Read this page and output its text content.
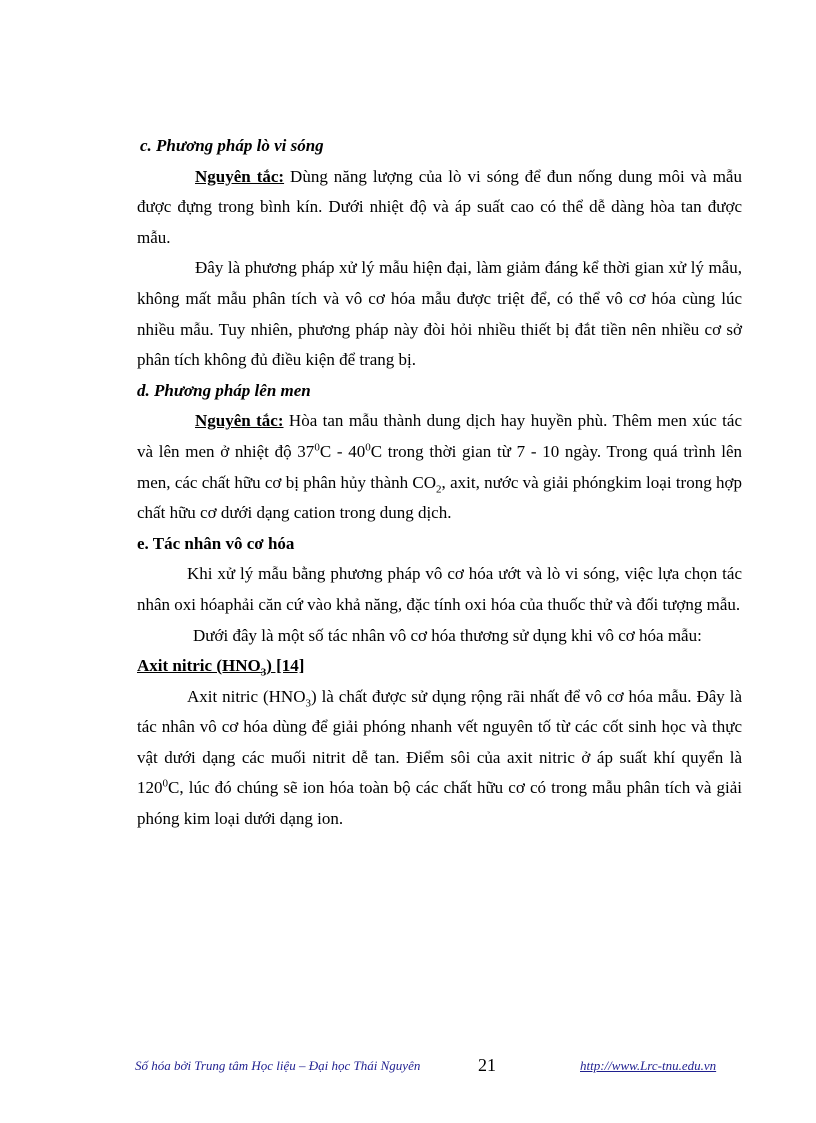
c. Phương pháp lò vi sóng

Nguyên tắc: Dùng năng lượng của lò vi sóng để đun nống dung môi và mẫu được đựng trong bình kín. Dưới nhiệt độ và áp suất cao có thể dễ dàng hòa tan được mẫu.

Đây là phương pháp xử lý mẫu hiện đại, làm giảm đáng kể thời gian xử lý mẫu, không mất mẫu phân tích và vô cơ hóa mẫu được triệt để, có thể vô cơ hóa cùng lúc nhiều mẫu. Tuy nhiên, phương pháp này đòi hỏi nhiều thiết bị đắt tiền nên nhiều cơ sở phân tích không đủ điều kiện để trang bị.

d. Phương pháp lên men

Nguyên tắc: Hòa tan mẫu thành dung dịch hay huyền phù. Thêm men xúc tác và lên men ở nhiệt độ $37^0C - 40^0C$ trong thời gian từ 7 - 10 ngày. Trong quá trình lên men, các chất hữu cơ bị phân hủy thành $CO_2$, axit, nước và giải phóngkim loại trong hợp chất hữu cơ dưới dạng cation trong dung dịch.

e. Tác nhân vô cơ hóa

Khi xử lý mẫu bằng phương pháp vô cơ hóa ướt và lò vi sóng, việc lựa chọn tác nhân oxi hóaphải căn cứ vào khả năng, đặc tính oxi hóa của thuốc thử và đối tượng mẫu.

Dưới đây là một số tác nhân vô cơ hóa thương sử dụng khi vô cơ hóa mẫu:

Axit nitric $(HNO_3)$ [14]

Axit nitric $(HNO_3)$ là chất được sử dụng rộng rãi nhất để vô cơ hóa mẫu. Đây là tác nhân vô cơ hóa dùng để giải phóng nhanh vết nguyên tố từ các cốt sinh học và thực vật dưới dạng các muối nitrit dễ tan. Điểm sôi của axit nitric ở áp suất khí quyển là $120^0C$, lúc đó chúng sẽ ion hóa toàn bộ các chất hữu cơ có trong mẫu phân tích và giải phóng kim loại dưới dạng ion.

Số hóa bởi Trung tâm Học liệu – Đại học Thái Nguyên	21	http://www.Lrc-tnu.edu.vn
